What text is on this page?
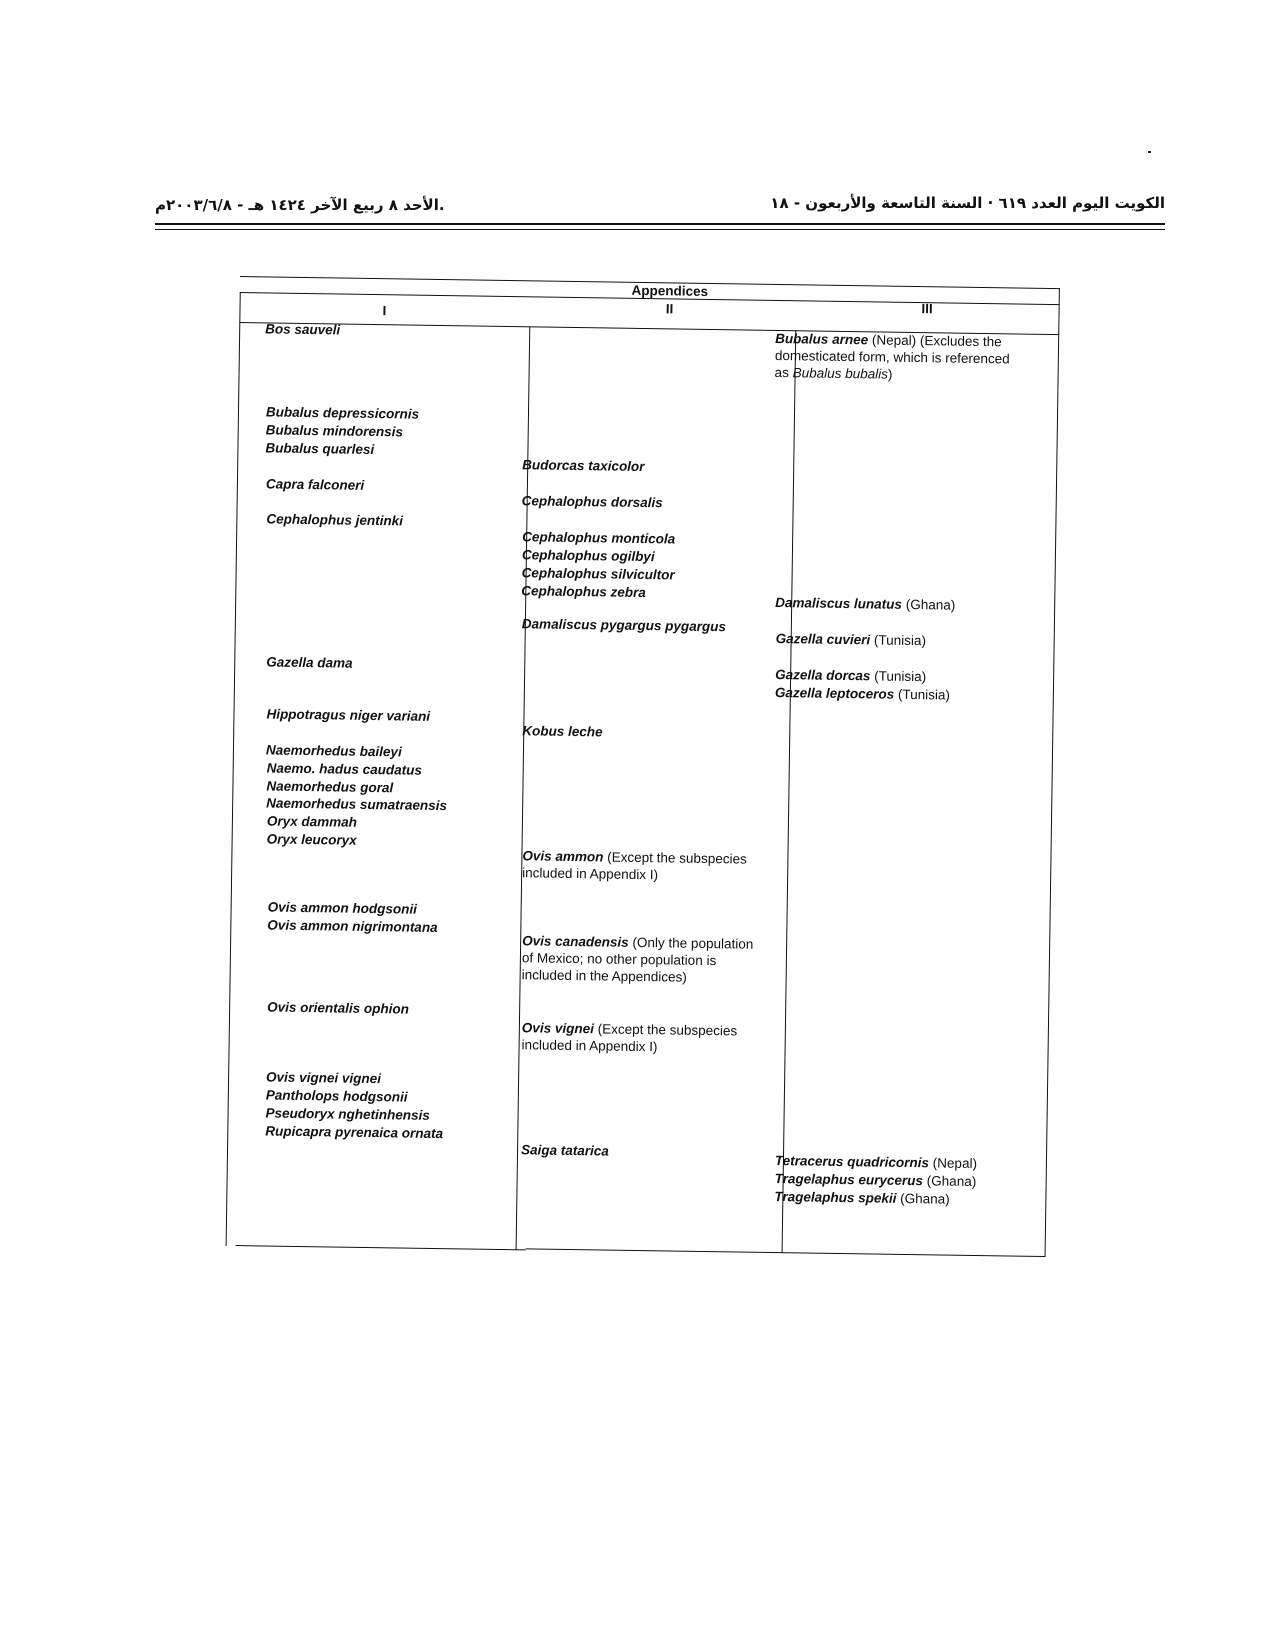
الكويت اليوم العدد ٦١٩ · السنة التاسعة والأربعون - ١٨
.الأحد ٨ ربيع الآخر ١٤٢٤ هـ - ٢٠٠٣/٦/٨م
Appendices
I	II	III
Bos sauveli
Bubalus depressicornis
Bubalus mindorensis
Bubalus quarlesi
Capra falconeri
Cephalophus jentinki
Gazella dama
Hippotragus niger variani
Naemorhedus baileyi
Naemo. hadus caudatus
Naemorhedus goral
Naemorhedus sumatraensis
Oryx dammah
Oryx leucoryx
Ovis ammon hodgsonii
Ovis ammon nigrimontana
Ovis orientalis ophion
Ovis vignei vignei
Pantholops hodgsonii
Pseudoryx nghetinhensis
Rupicapra pyrenaica ornata
Budorcas taxicolor
Cephalophus dorsalis
Cephalophus monticola
Cephalophus ogilbyi
Cephalophus silvicultor
Cephalophus zebra
Damaliscus pygargus pygargus
Kobus leche
Ovis ammon (Except the subspecies included in Appendix I)
Ovis canadensis (Only the population of Mexico; no other population is included in the Appendices)
Ovis vignei (Except the subspecies included in Appendix I)
Saiga tatarica
Bubalus arnee (Nepal) (Excludes the domesticated form, which is referenced as Bubalus bubalis)
Damaliscus lunatus (Ghana)
Gazella cuvieri (Tunisia)
Gazella dorcas (Tunisia)
Gazella leptoceros (Tunisia)
Tetracerus quadricornis (Nepal)
Tragelaphus eurycerus (Ghana)
Tragelaphus spekii (Ghana)
